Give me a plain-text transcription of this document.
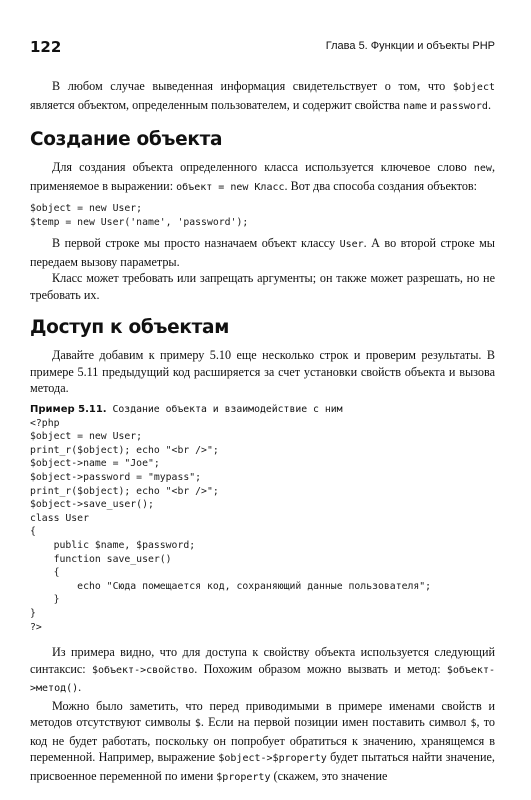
122	Глава 5. Функции и объекты PHP

В любом случае выведенная информация свидетельствует о том, что $object является объектом, определенным пользователем, и содержит свойства name и password.

Создание объекта

Для создания объекта определенного класса используется ключевое слово new, применяемое в выражении: объект = new Класс. Вот два способа создания объектов:

$object = new User;
$temp = new User('name', 'password');

В первой строке мы просто назначаем объект классу User. А во второй строке мы передаем вызову параметры.

Класс может требовать или запрещать аргументы; он также может разрешать, но не требовать их.

Доступ к объектам

Давайте добавим к примеру 5.10 еще несколько строк и проверим результаты. В примере 5.11 предыдущий код расширяется за счет установки свойств объекта и вызова метода.

Пример 5.11. Создание объекта и взаимодействие с ним
<?php
$object = new User;
print_r($object); echo "<br />";
$object->name = "Joe";
$object->password = "mypass";
print_r($object); echo "<br />";
$object->save_user();
class User
{
public $name, $password;
function save_user()
{
echo "Сюда помещается код, сохраняющий данные пользователя";
}
}
?>

Из примера видно, что для доступа к свойству объекта используется следующий синтаксис: $объект->свойство. Похожим образом можно вызвать и метод: $объект->метод().

Можно было заметить, что перед приводимыми в примере именами свойств и методов отсутствуют символы $. Если на первой позиции имен поставить символ $, то код не будет работать, поскольку он попробует обратиться к значению, хранящемся в переменной. Например, выражение $object->$property будет пытаться найти значение, присвоенное переменной по имени $property (скажем, это значение
